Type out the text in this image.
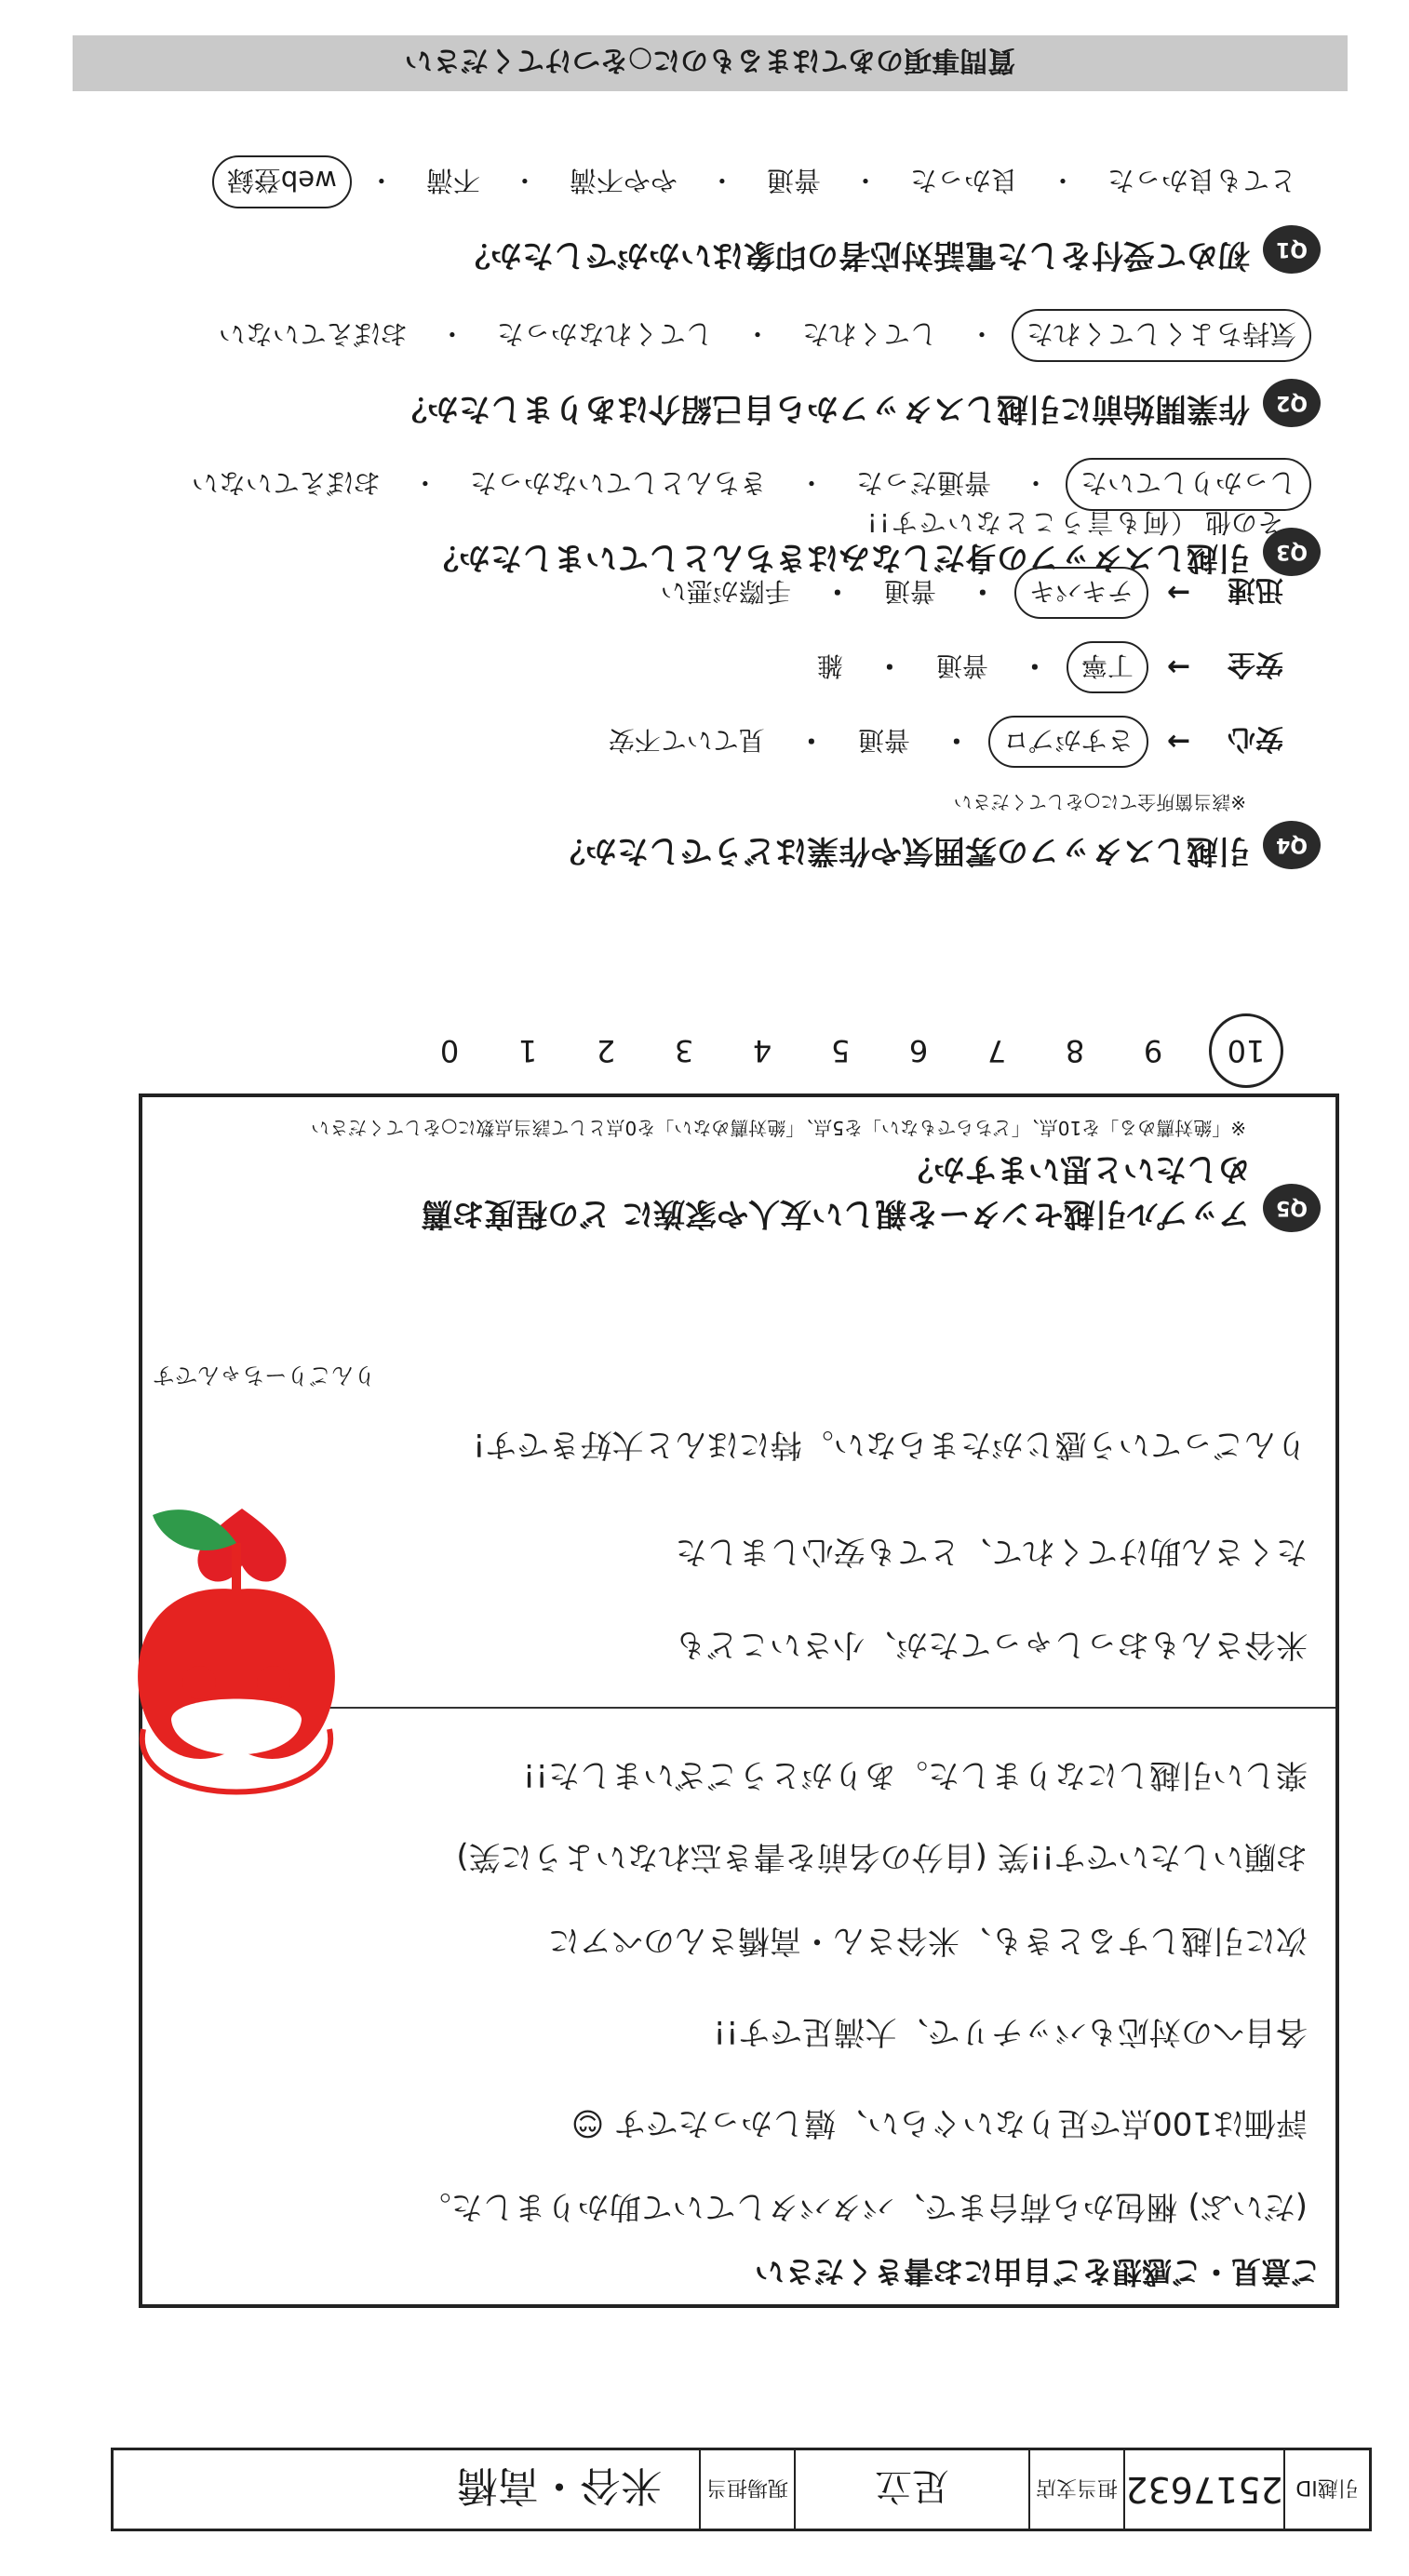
質問事項のあてはまるものに○をつけてください
Q1
初めて受付をした電話対応者の印象はいかがでしたか？
とても良かった
・
良かった
・
普通
・
やや不満
・
不満
・
web登録
Q2
作業開始前に引越しスタッフから自己紹介はありましたか？
気持ちよくしてくれた
・
してくれた
・
してくれなかった
・
おぼえていない
Q3
引越しスタッフの身だしなみはきちんとしていましたか？
しっかりしていた
・
普通だった
・
きちんとしていなかった
・
おぼえていない
Q4
引越しスタッフの雰囲気や作業はどうでしたか？
※該当箇所全てに○をしてください
安心
→
さすがプロ
・
普通
・
見ていて不安
安全
→
丁寧
・
普通
・
雑
迅速
→
テキパキ
・
普通
・
手際が悪い
その他 （何も言うことないです!!
Q5
アップル引越センターを親しい友人や家族に どの程度お薦めしたいと思いますか？
※「絶対薦める」を10点、「どちらでもない」を5点、「絶対薦めない」を0点として該当点数に○をしてください
10
9
8
7
6
5
4
3
2
1
0
ご意見・ご感想をご自由にお書きください
(だいぶ) 梱包から荷台まで、バタバタしていて助かりました。
評価は100点で足りないぐらい、嬉しかったです 😊
各自への対応もバッチリで、大満足です!!
次に引越しするときも、米谷さん・高橋さんのペアに
お願いしたいです!!笑 (自分の名前を書き忘れないように笑)
楽しい引越しになりました。ありがとうございました!!
米谷さんもおっしゃってたが、小さいこども
たくさん助けてくれて、とても安心しました
りんごっていう感じがたまらない。特にほんと大好きです!
りんごりーちゃんです
引越ID
2517632
担当支店
足立
現場担当
米谷・高橋
